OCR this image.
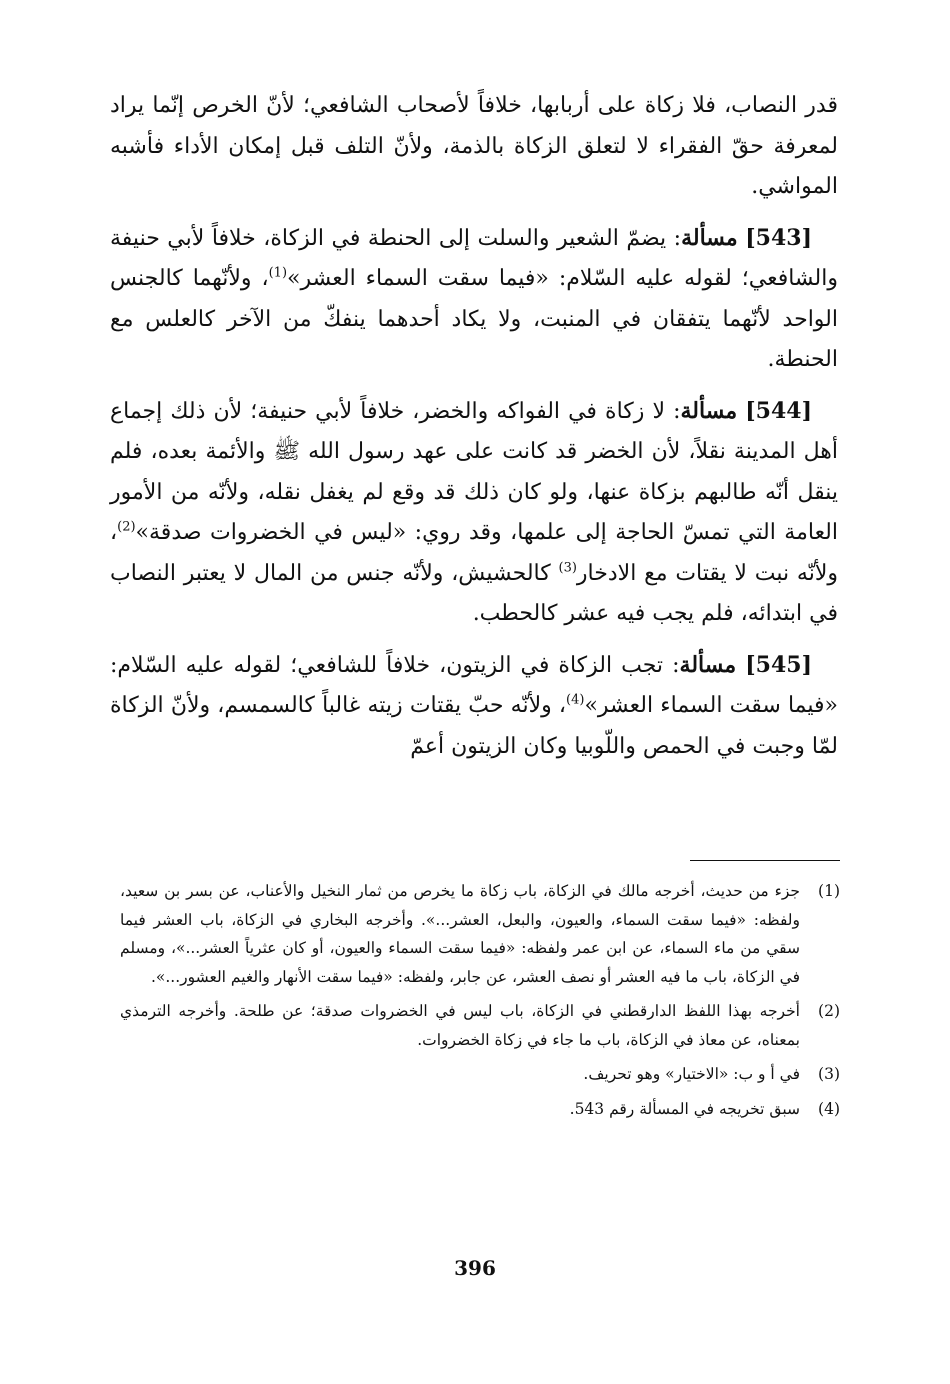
قدر النصاب، فلا زكاة على أربابها، خلافاً لأصحاب الشافعي؛ لأنّ الخرص إنّما يراد لمعرفة حقّ الفقراء لا لتعلق الزكاة بالذمة، ولأنّ التلف قبل إمكان الأداء فأشبه المواشي.

[543] مسألة: يضمّ الشعير والسلت إلى الحنطة في الزكاة، خلافاً لأبي حنيفة والشافعي؛ لقوله عليه السّلام: «فيما سقت السماء العشر»$^{(1)}$، ولأنّهما كالجنس الواحد لأنّهما يتفقان في المنبت، ولا يكاد أحدهما ينفكّ من الآخر كالعلس مع الحنطة.

[544] مسألة: لا زكاة في الفواكه والخضر، خلافاً لأبي حنيفة؛ لأن ذلك إجماع أهل المدينة نقلاً، لأن الخضر قد كانت على عهد رسول الله ﷺ والأئمة بعده، فلم ينقل أنّه طالبهم بزكاة عنها، ولو كان ذلك قد وقع لم يغفل نقله، ولأنّه من الأمور العامة التي تمسّ الحاجة إلى علمها، وقد روي: «ليس في الخضروات صدقة»$^{(2)}$، ولأنّه نبت لا يقتات مع الادخار$^{(3)}$ كالحشيش، ولأنّه جنس من المال لا يعتبر النصاب في ابتدائه، فلم يجب فيه عشر كالحطب.

[545] مسألة: تجب الزكاة في الزيتون، خلافاً للشافعي؛ لقوله عليه السّلام: «فيما سقت السماء العشر»$^{(4)}$، ولأنّه حبّ يقتات زيته غالباً كالسمسم، ولأنّ الزكاة لمّا وجبت في الحمص واللّوبيا وكان الزيتون أعمّ

(1)
جزء من حديث، أخرجه مالك في الزكاة، باب زكاة ما يخرص من ثمار النخيل والأعناب، عن بسر بن سعيد، ولفظه: «فيما سقت السماء، والعيون، والبعل، العشر...». وأخرجه البخاري في الزكاة، باب العشر فيما سقي من ماء السماء، عن ابن عمر ولفظه: «فيما سقت السماء والعيون، أو كان عثرياً العشر...»، ومسلم في الزكاة، باب ما فيه العشر أو نصف العشر، عن جابر، ولفظه: «فيما سقت الأنهار والغيم العشور...».
(2)
أخرجه بهذا اللفظ الدارقطني في الزكاة، باب ليس في الخضروات صدقة؛ عن طلحة. وأخرجه الترمذي بمعناه، عن معاذ في الزكاة، باب ما جاء في زكاة الخضروات.
(3)
في أ و ب: «الاختيار» وهو تحريف.
(4)
سبق تخريجه في المسألة رقم 543.
396
